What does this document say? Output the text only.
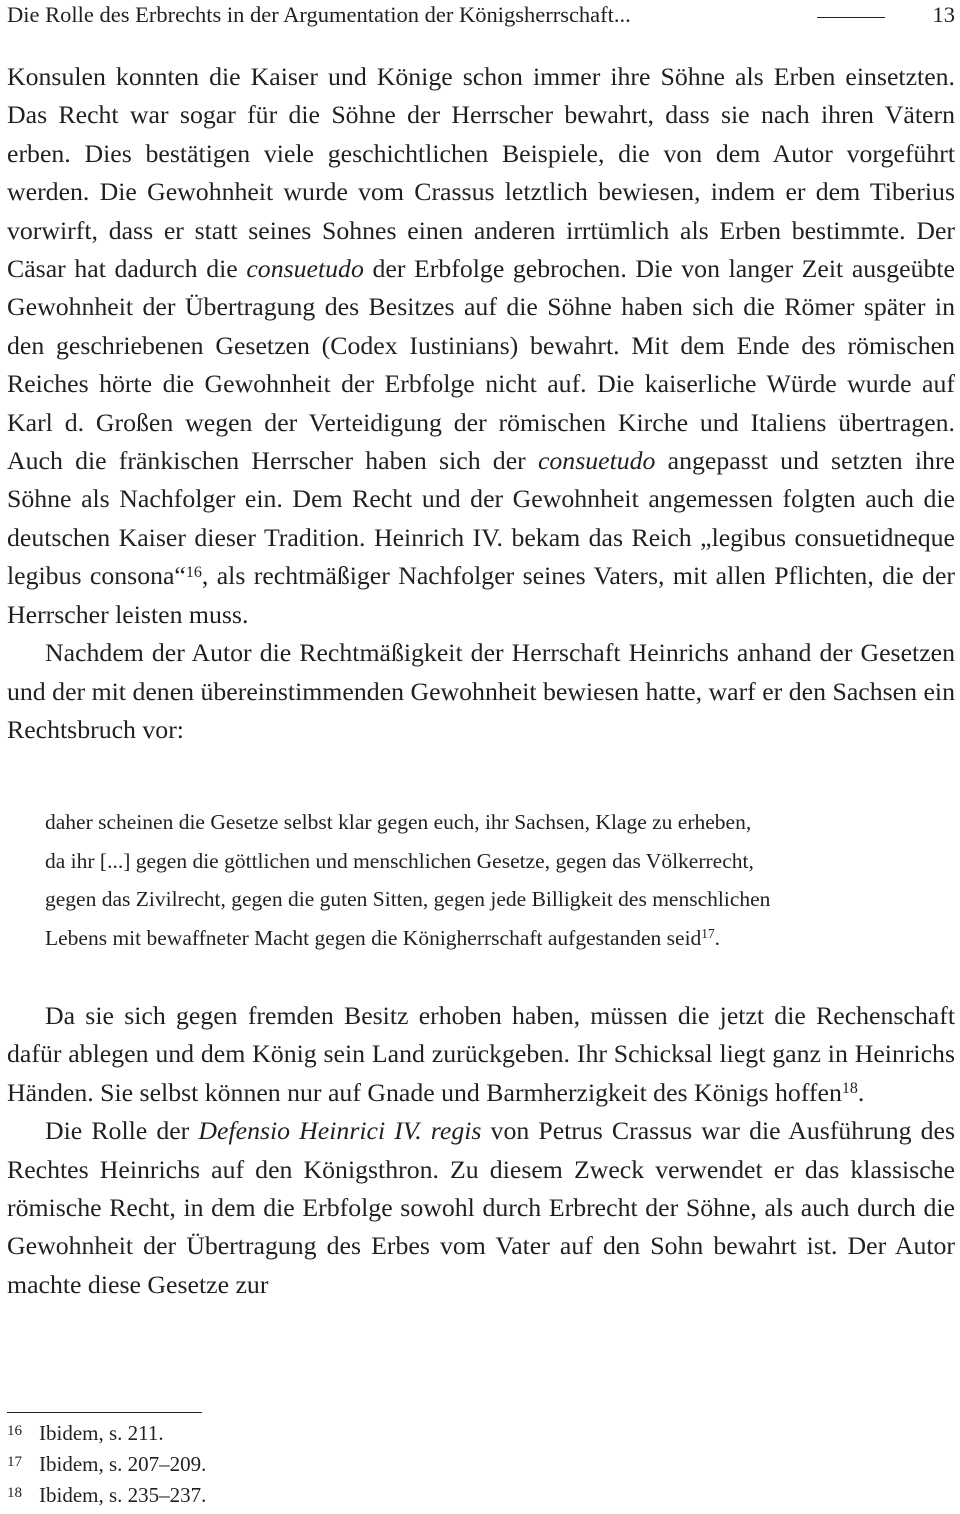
Die Rolle des Erbrechts in der Argumentation der Königsherrschaft...	13

Konsulen konnten die Kaiser und Könige schon immer ihre Söhne als Erben einsetzten. Das Recht war sogar für die Söhne der Herrscher bewahrt, dass sie nach ihren Vätern erben. Dies bestätigen viele geschichtlichen Beispiele, die von dem Autor vorgeführt werden. Die Gewohnheit wurde vom Crassus letztlich bewiesen, indem er dem Tiberius vorwirft, dass er statt seines Sohnes einen anderen irrtümlich als Erben bestimmte. Der Cäsar hat dadurch die consuetudo der Erbfolge gebrochen. Die von langer Zeit ausgeübte Gewohnheit der Übertragung des Besitzes auf die Söhne haben sich die Römer später in den geschriebenen Gesetzen (Codex Iustinians) bewahrt. Mit dem Ende des römischen Reiches hörte die Gewohnheit der Erbfolge nicht auf. Die kaiserliche Würde wurde auf Karl d. Großen wegen der Verteidigung der römischen Kirche und Italiens übertragen. Auch die fränkischen Herrscher haben sich der consuetudo angepasst und setzten ihre Söhne als Nachfolger ein. Dem Recht und der Gewohnheit angemessen folgten auch die deutschen Kaiser dieser Tradition. Heinrich IV. bekam das Reich „legibus consuetidneque legibus consona“$^{16}$, als rechtmäßiger Nachfolger seines Vaters, mit allen Pflichten, die der Herrscher leisten muss.

Nachdem der Autor die Rechtmäßigkeit der Herrschaft Heinrichs anhand der Gesetzen und der mit denen übereinstimmenden Gewohnheit bewiesen hatte, warf er den Sachsen ein Rechtsbruch vor:

daher scheinen die Gesetze selbst klar gegen euch, ihr Sachsen, Klage zu erheben,

da ihr [...] gegen die göttlichen und menschlichen Gesetze, gegen das Völkerrecht,

gegen das Zivilrecht, gegen die guten Sitten, gegen jede Billigkeit des menschlichen

Lebens mit bewaffneter Macht gegen die Königherrschaft aufgestanden seid$^{17}$.

Da sie sich gegen fremden Besitz erhoben haben, müssen die jetzt die Rechenschaft dafür ablegen und dem König sein Land zurückgeben. Ihr Schicksal liegt ganz in Heinrichs Händen. Sie selbst können nur auf Gnade und Barmherzigkeit des Königs hoffen$^{18}$.

Die Rolle der Defensio Heinrici IV. regis von Petrus Crassus war die Ausführung des Rechtes Heinrichs auf den Königsthron. Zu diesem Zweck verwendet er das klassische römische Recht, in dem die Erbfolge sowohl durch Erbrecht der Söhne, als auch durch die Gewohnheit der Übertragung des Erbes vom Vater auf den Sohn bewahrt ist. Der Autor machte diese Gesetze zur

16 Ibidem, s. 211.
17 Ibidem, s. 207–209.
18 Ibidem, s. 235–237.
